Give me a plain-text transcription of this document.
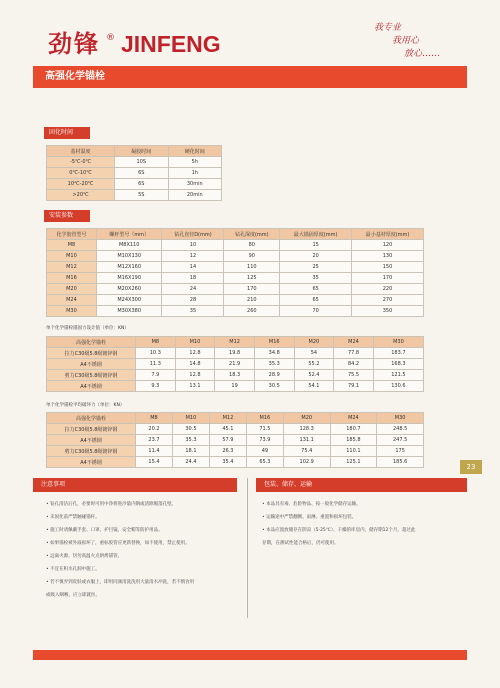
劲锋 ® JINFENG
我专业
我用心
放心……
高强化学锚栓
固化时间
基材温度	凝胶时间	硬化时间
-5℃-0℃	10S	5h
0℃-10℃	6S	1h
10℃-20℃	6S	30min
>20℃	5S	20min
安装参数
化学胶管型号	螺杆型号（mm）	钻孔直径D(mm)	钻孔深度(mm)	最大锚固厚度(mm)	最小基材厚度(mm)
M8	M8X110	10	80	15	120
M10	M10X130	12	90	20	130
M12	M12X160	14	110	25	150
M16	M16X190	18	125	35	170
M20	M20X260	24	170	65	220
M24	M24X300	28	210	65	270
M30	M30X380	35	260	70	350
单个化学锚栓锚固力设计值（单位：KN）
高强化学锚栓	M8	M10	M12	M16	M20	M24	M30
拉力C30级5.8级镀锌钢	10.3	12.8	19.8	34.8	54	77.8	183.7
A4不锈钢	11.3	14.8	21.9	35.3	55.2	84.2	168.3
剪力C30级5.8级镀锌钢	7.9	12.8	18.3	28.9	52.4	75.5	121.5
A4不锈钢	9.3	13.1	19	30.5	54.1	79.1	130.6
单个化学锚栓平均破坏力（单位：KN）
高强化学锚栓	M8	M10	M12	M16	M20	M24	M30
拉力C30级5.8级镀锌钢	20.2	30.5	45.1	71.5	128.3	180.7	248.5
A4不锈钢	23.7	35.3	57.9	73.9	131.1	185.8	247.5
剪力C30级5.8级镀锌钢	11.4	18.1	26.3	49	75.4	110.1	175
A4不锈钢	15.4	24.4	35.4	65.3	102.9	125.1	185.6
23
注意事项
• 钻孔清洁后孔，必要时可用中净将进沙量内钢或清除脱落孔壁。
• 未固化前严禁触碰锚杆。
• 施工时请佩戴手套、口罩、护目镜、安全帽等防护用品。
• 如果锚栓被外溢损坏了，重标胶管应更新替换，如不使用，禁止使用。
• 远离火源、切勿高温火点烘烤锚管。
• 不宜在积水孔洞中施工。
• 若不慎弄到皮肤或衣服上，即用同颜清洗洗用大量清水冲洗，若不慎食用
或吸入咽喉，应立即就医。
包装、储存、运输
• 本品具有毒、危险物品、按一般化学储存运输。
• 运输途中严禁翻倒、雨淋、重置和损坏包装。
• 本品应置放储存在阴凉（5-25℃）、干燥的库房内，储存期12个月，超过此
存期，在测试性能合格后，仍可使用。
